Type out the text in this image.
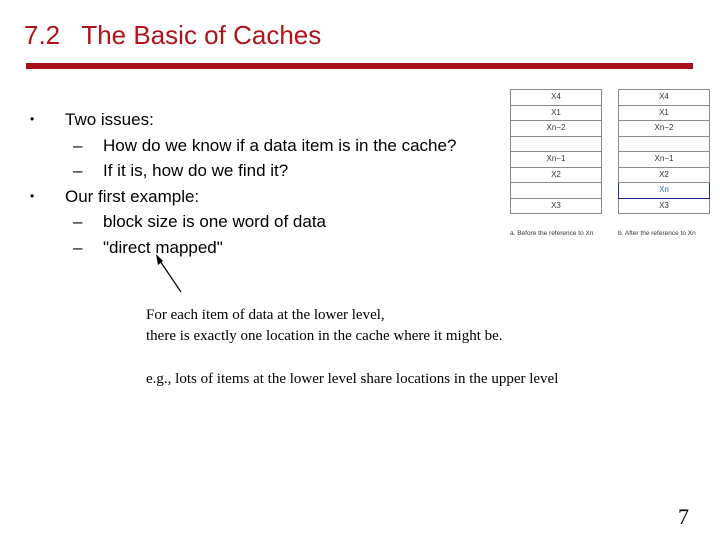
7.2   The Basic of Caches
• Two issues:
– How do we know if a data item is in the cache?
– If it is, how do we find it?
• Our first example:
– block size is one word of data
– "direct mapped"
X4
X1
Xn−2

Xn−1
X2

X3
X4
X1
Xn−2

Xn−1
X2
Xn
X3
a. Before the reference to Xn	b. After the reference to Xn
For each item of data at the lower level,
there is exactly one location in the cache where it might be.
e.g., lots of items at the lower level share locations in the upper level
7
